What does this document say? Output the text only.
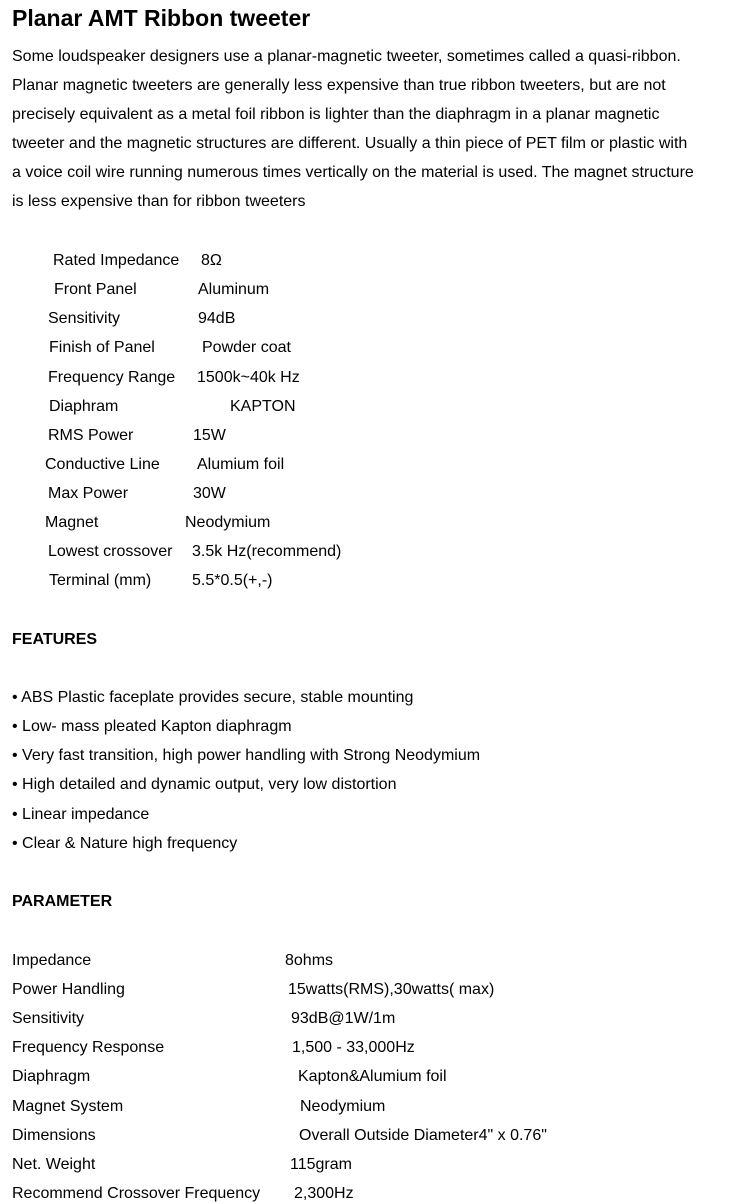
Planar AMT Ribbon tweeter
Some loudspeaker designers use a planar-magnetic tweeter, sometimes called a quasi-ribbon.
Planar magnetic tweeters are generally less expensive than true ribbon tweeters, but are not
precisely equivalent as a metal foil ribbon is lighter than the diaphragm in a planar magnetic
tweeter and the magnetic structures are different. Usually a thin piece of PET film or plastic with
a voice coil wire running numerous times vertically on the material is used. The magnet structure
is less expensive than for ribbon tweeters
Rated Impedance 8Ω
Front Panel	Aluminum
Sensitivity	94dB
Finish of Panel	Powder coat
Frequency Range 1500k~40k Hz
Diaphram	KAPTON
RMS Power	15W
Conductive Line Alumium foil
Max Power	30W
Magnet	Neodymium
Lowest crossover 3.5k Hz(recommend)
Terminal (mm)	5.5*0.5(+,-)
FEATURES
• ABS Plastic faceplate provides secure, stable mounting
• Low- mass pleated Kapton diaphragm
• Very fast transition, high power handling with Strong Neodymium
• High detailed and dynamic output, very low distortion
• Linear impedance
• Clear & Nature high frequency
PARAMETER
Impedance	8ohms
Power Handling	15watts(RMS),30watts( max)
Sensitivity	93dB@1W/1m
Frequency Response	1,500 - 33,000Hz
Diaphragm	Kapton&Alumium foil
Magnet System	Neodymium
Dimensions	Overall Outside Diameter4" x 0.76"
Net. Weight	115gram
Recommend Crossover Frequency 2,300Hz
